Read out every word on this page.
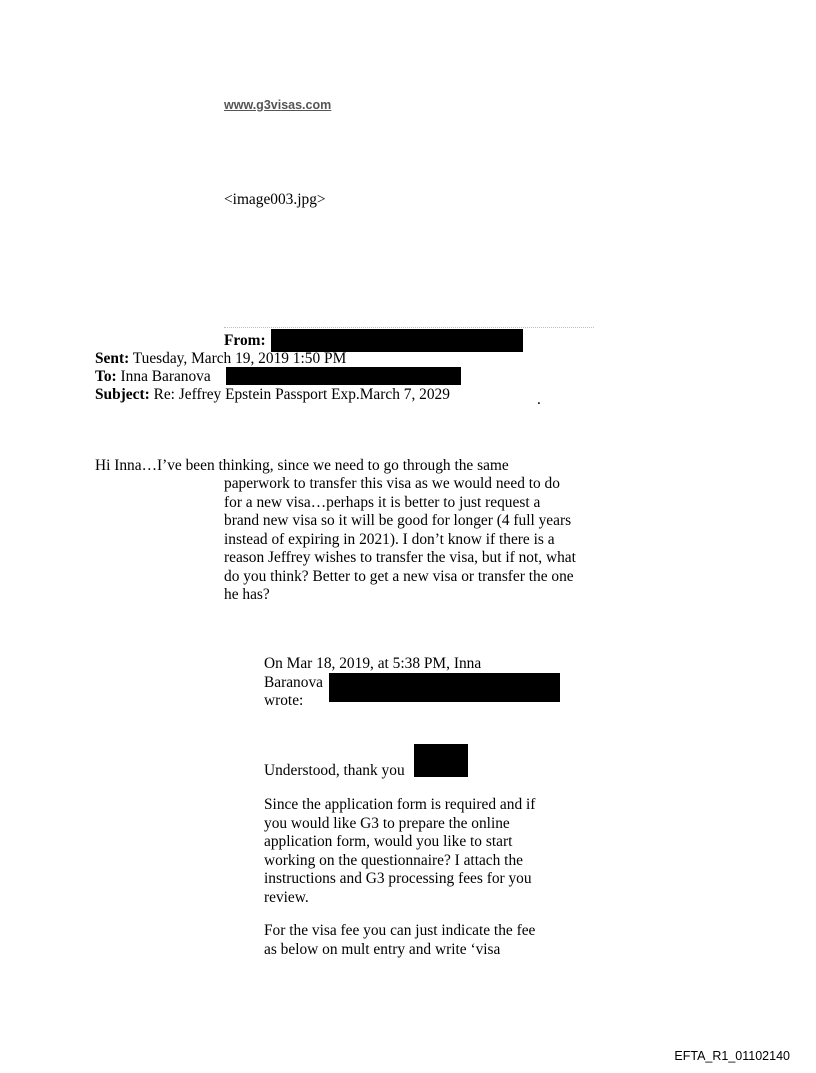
www.g3visas.com
<image003.jpg>
From:
Sent: Tuesday, March 19, 2019 1:50 PM
To: Inna Baranova
Subject: Re: Jeffrey Epstein Passport Exp.March 7, 2029	.
Hi Inna…I’ve been thinking, since we need to go through the same
paperwork to transfer this visa as we would need to do
for a new visa…perhaps it is better to just request a
brand new visa so it will be good for longer (4 full years
instead of expiring in 2021). I don’t know if there is a
reason Jeffrey wishes to transfer the visa, but if not, what
do you think? Better to get a new visa or transfer the one
he has?
On Mar 18, 2019, at 5:38 PM, Inna
Baranova
wrote:
Understood, thank you
Since the application form is required and if
you would like G3 to prepare the online
application form, would you like to start
working on the questionnaire? I attach the
instructions and G3 processing fees for you
review.
For the visa fee you can just indicate the fee
as below on mult entry and write ‘visa
EFTA_R1_01102140
